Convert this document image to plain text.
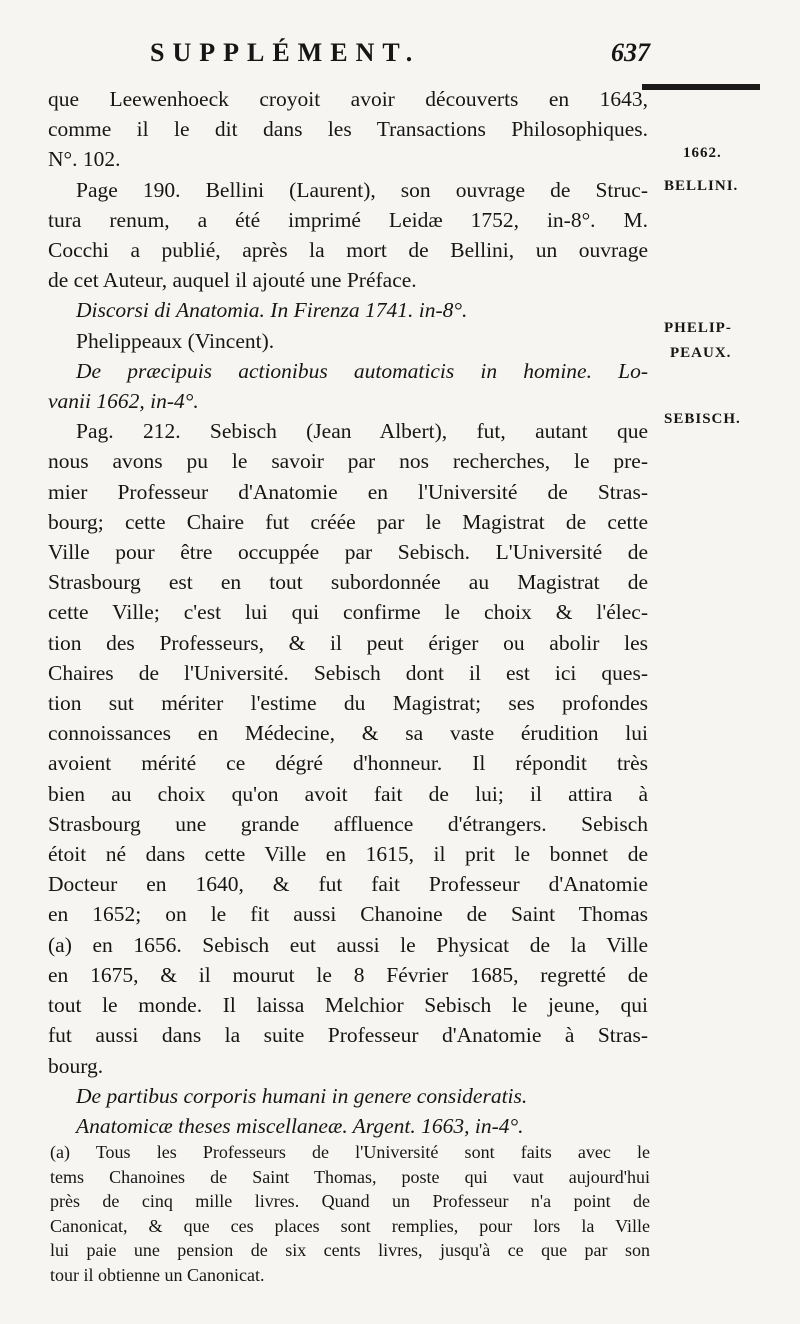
SUPPLÉMENT.	637
que Leewenhoeck croyoit avoir découverts en 1643,
comme il le dit dans les Transactions Philosophiques.
N°. 102.
Page 190. Bellini (Laurent), son ouvrage de Struc-
tura renum, a été imprimé Leidæ 1752, in-8°. M.
Cocchi a publié, après la mort de Bellini, un ouvrage
de cet Auteur, auquel il ajouté une Préface.
Discorsi di Anatomia. In Firenza 1741. in-8°.
Phelippeaux (Vincent).
De præcipuis actionibus automaticis in homine. Lo-
vanii 1662, in-4°.
Pag. 212. Sebisch (Jean Albert), fut, autant que
nous avons pu le savoir par nos recherches, le pre-
mier Professeur d'Anatomie en l'Université de Stras-
bourg; cette Chaire fut créée par le Magistrat de cette
Ville pour être occuppée par Sebisch. L'Université de
Strasbourg est en tout subordonnée au Magistrat de
cette Ville; c'est lui qui confirme le choix & l'élec-
tion des Professeurs, & il peut ériger ou abolir les
Chaires de l'Université. Sebisch dont il est ici ques-
tion sut mériter l'estime du Magistrat; ses profondes
connoissances en Médecine, & sa vaste érudition lui
avoient mérité ce dégré d'honneur. Il répondit très
bien au choix qu'on avoit fait de lui; il attira à
Strasbourg une grande affluence d'étrangers. Sebisch
étoit né dans cette Ville en 1615, il prit le bonnet de
Docteur en 1640, & fut fait Professeur d'Anatomie
en 1652; on le fit aussi Chanoine de Saint Thomas
(a) en 1656. Sebisch eut aussi le Physicat de la Ville
en 1675, & il mourut le 8 Février 1685, regretté de
tout le monde. Il laissa Melchior Sebisch le jeune, qui
fut aussi dans la suite Professeur d'Anatomie à Stras-
bourg.
De partibus corporis humani in genere consideratis.
Anatomicæ theses miscellaneæ. Argent. 1663, in-4°.
1662.
BELLINI.
PHELIP-
PEAUX.
SEBISCH.
(a) Tous les Professeurs de l'Université sont faits avec le
tems Chanoines de Saint Thomas, poste qui vaut aujourd'hui
près de cinq mille livres. Quand un Professeur n'a point de
Canonicat, & que ces places sont remplies, pour lors la Ville
lui paie une pension de six cents livres, jusqu'à ce que par son
tour il obtienne un Canonicat.
